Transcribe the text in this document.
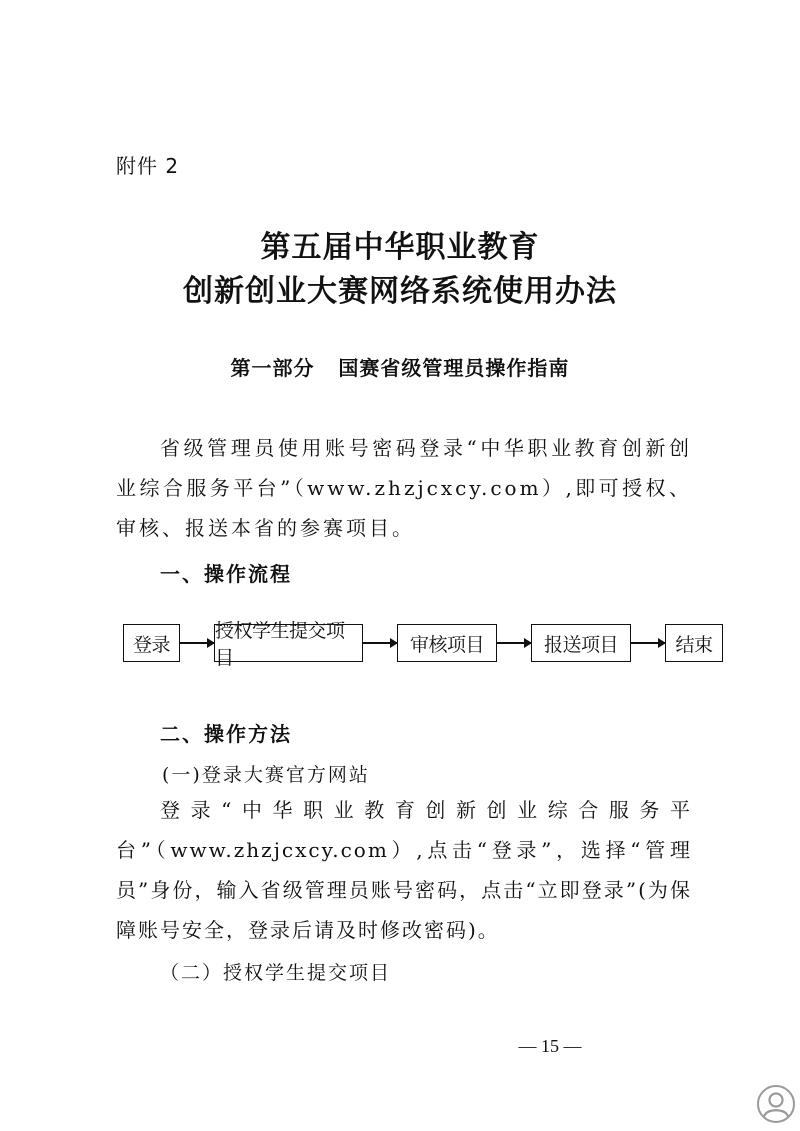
附件 2
第五届中华职业教育
创新创业大赛网络系统使用办法
第一部分   国赛省级管理员操作指南

省级管理员使用账号密码登录“中华职业教育创新创业综合服务平台”（www.zhzjcxcy.com）,即可授权、审核、报送本省的参赛项目。

一、操作流程
登录
授权学生提交项目
审核项目	报送项目	结束
二、操作方法
(一)登录大赛官方网站

登录“中华职业教育创新创业综合服务平台”（www.zhzjcxcy.com）,点击“登录”，选择“管理员”身份，输入省级管理员账号密码，点击“立即登录”(为保障账号安全，登录后请及时修改密码)。

（二）授权学生提交项目
— 15 —
